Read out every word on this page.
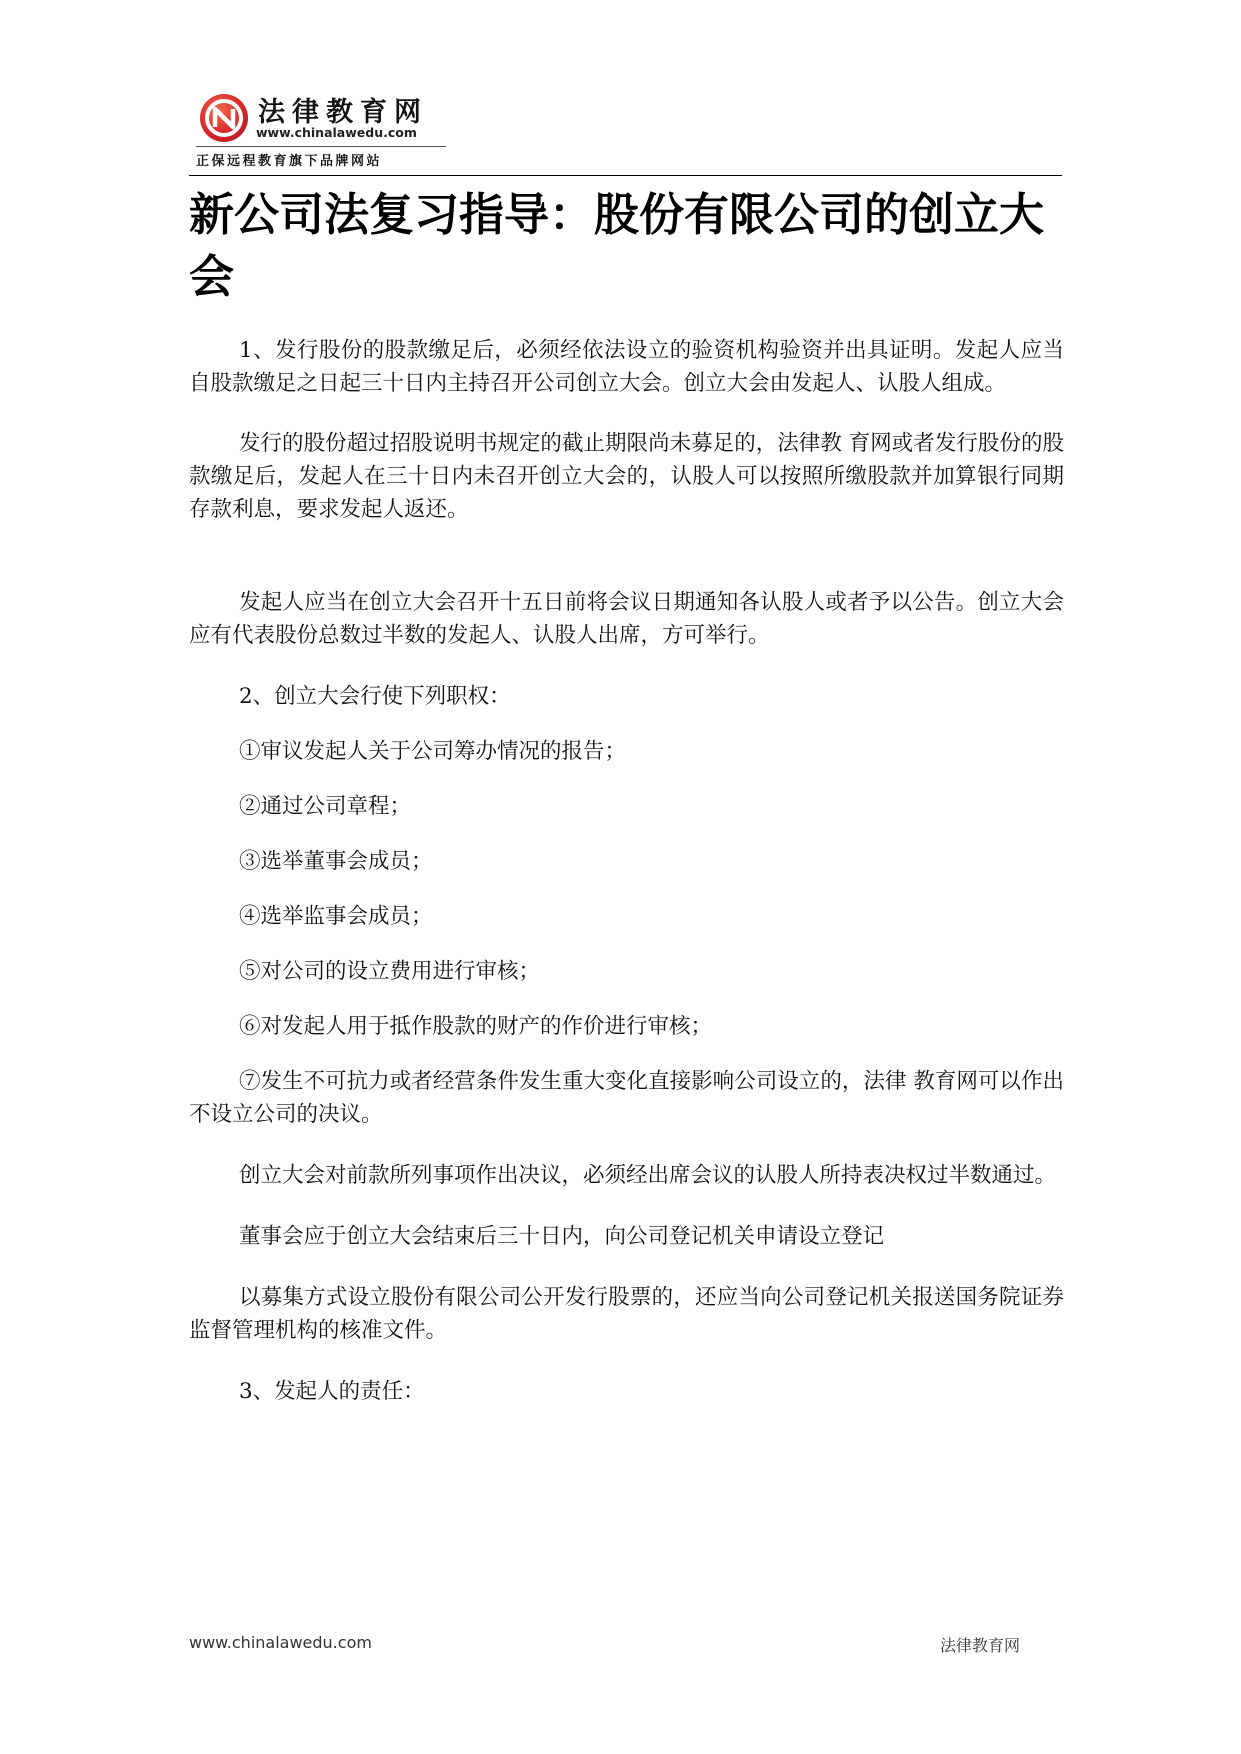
法律教育网
www.chinalawedu.com
正保远程教育旗下品牌网站
新公司法复习指导：股份有限公司的创立大会

1、发行股份的股款缴足后，必须经依法设立的验资机构验资并出具证明。发起人应当自股款缴足之日起三十日内主持召开公司创立大会。创立大会由发起人、认股人组成。

发行的股份超过招股说明书规定的截止期限尚未募足的，法律教 育网或者发行股份的股款缴足后，发起人在三十日内未召开创立大会的，认股人可以按照所缴股款并加算银行同期存款利息，要求发起人返还。

发起人应当在创立大会召开十五日前将会议日期通知各认股人或者予以公告。创立大会应有代表股份总数过半数的发起人、认股人出席，方可举行。

2、创立大会行使下列职权：

①审议发起人关于公司筹办情况的报告；

②通过公司章程；

③选举董事会成员；

④选举监事会成员；

⑤对公司的设立费用进行审核；

⑥对发起人用于抵作股款的财产的作价进行审核；

⑦发生不可抗力或者经营条件发生重大变化直接影响公司设立的，法律 教育网可以作出不设立公司的决议。

创立大会对前款所列事项作出决议，必须经出席会议的认股人所持表决权过半数通过。

董事会应于创立大会结束后三十日内，向公司登记机关申请设立登记

以募集方式设立股份有限公司公开发行股票的，还应当向公司登记机关报送国务院证券监督管理机构的核准文件。

3、发起人的责任：

www.chinalawedu.com	法律教育网
